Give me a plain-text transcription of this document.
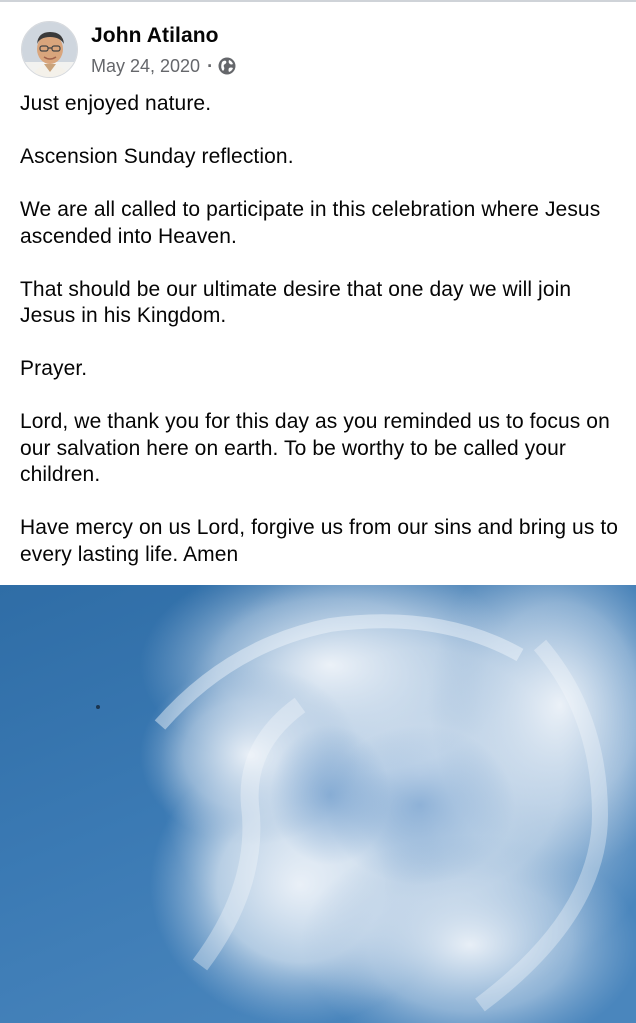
John Atilano
May 24, 2020 ·

Just enjoyed nature.

Ascension Sunday reflection.

We are all called to participate in this celebration where Jesus ascended into Heaven.

That should be our ultimate desire that one day we will join Jesus in his Kingdom.

Prayer.

Lord, we thank you for this day as you reminded us to focus on our salvation here on earth. To be worthy to be called your children.

Have mercy on us Lord, forgive us from our sins and bring us to every lasting life. Amen
